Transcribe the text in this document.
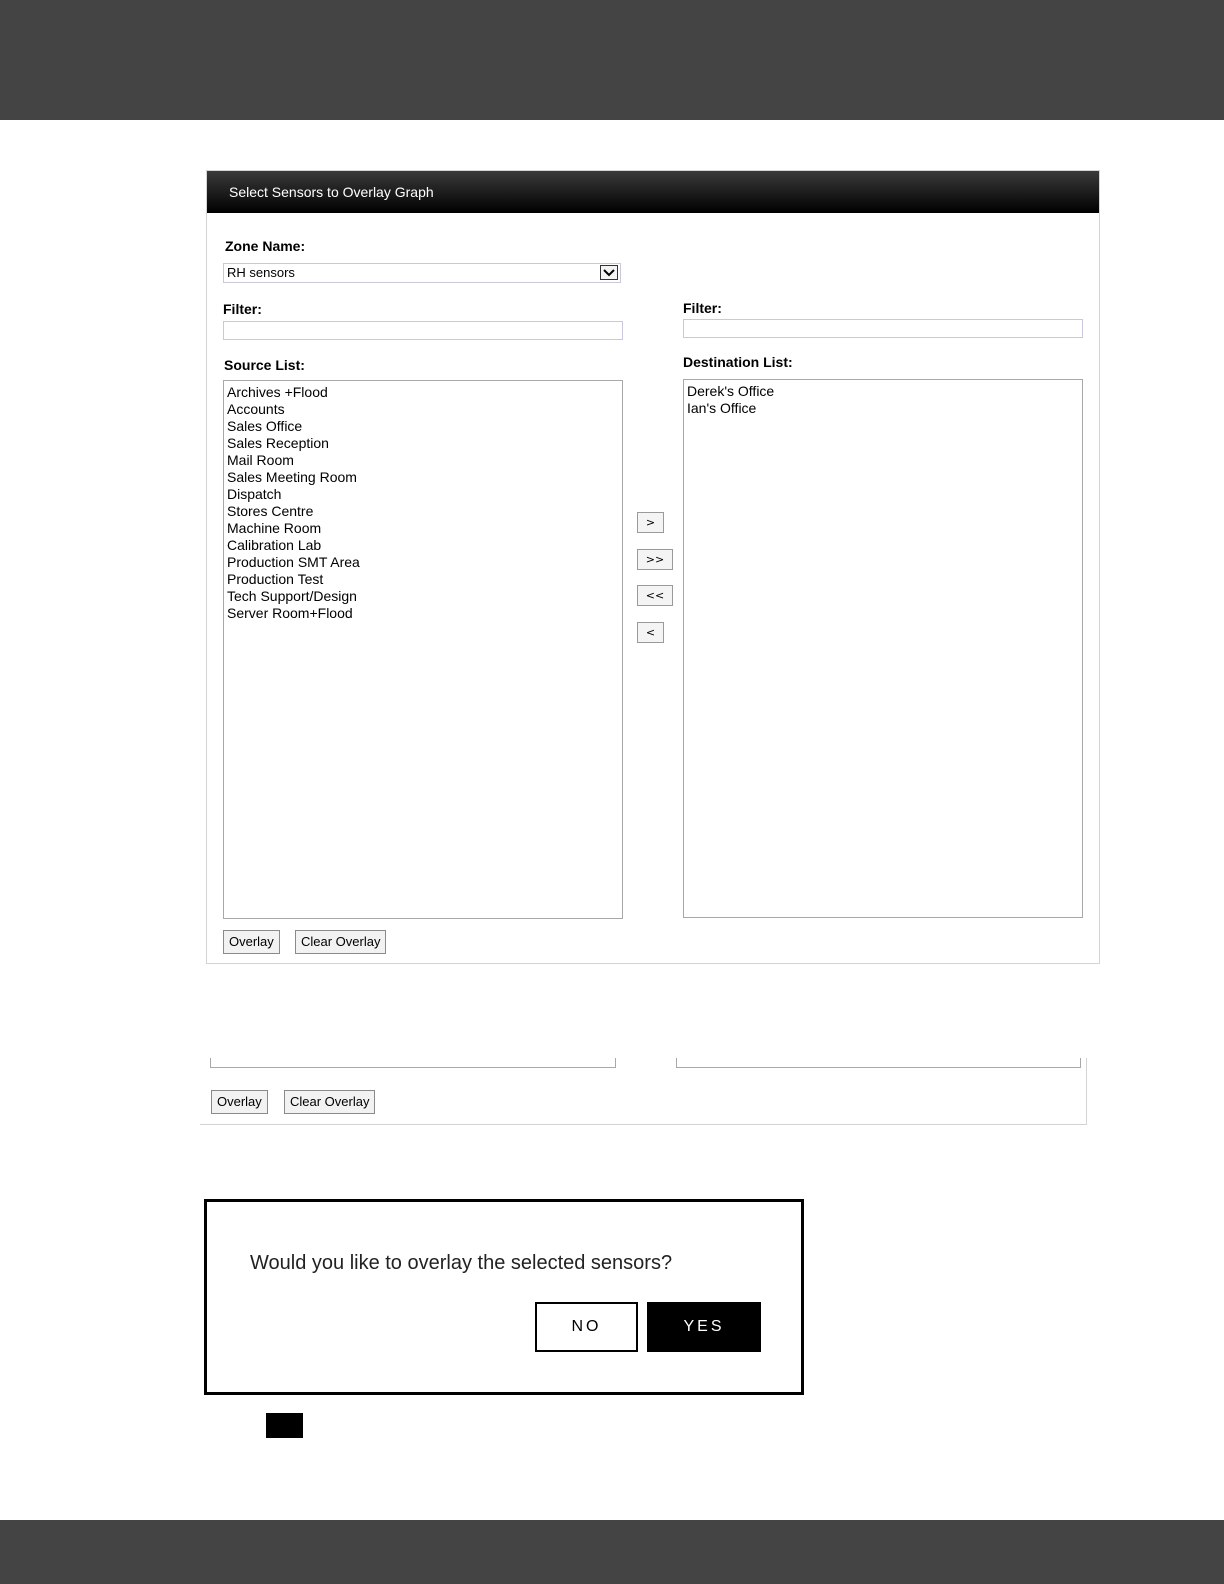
Select Sensors to Overlay Graph
Zone Name:
RH sensors
Filter:	Filter:
Source List:
Archives +Flood
Accounts
Sales Office
Sales Reception
Mail Room
Sales Meeting Room
Dispatch
Stores Centre
Machine Room
Calibration Lab
Production SMT Area
Production Test
Tech Support/Design
Server Room+Flood
Destination List:
Derek's Office
Ian's Office
>
>>
<<
<
Overlay	Clear Overlay
Overlay	Clear Overlay
Would you like to overlay the selected sensors?
NO	YES
